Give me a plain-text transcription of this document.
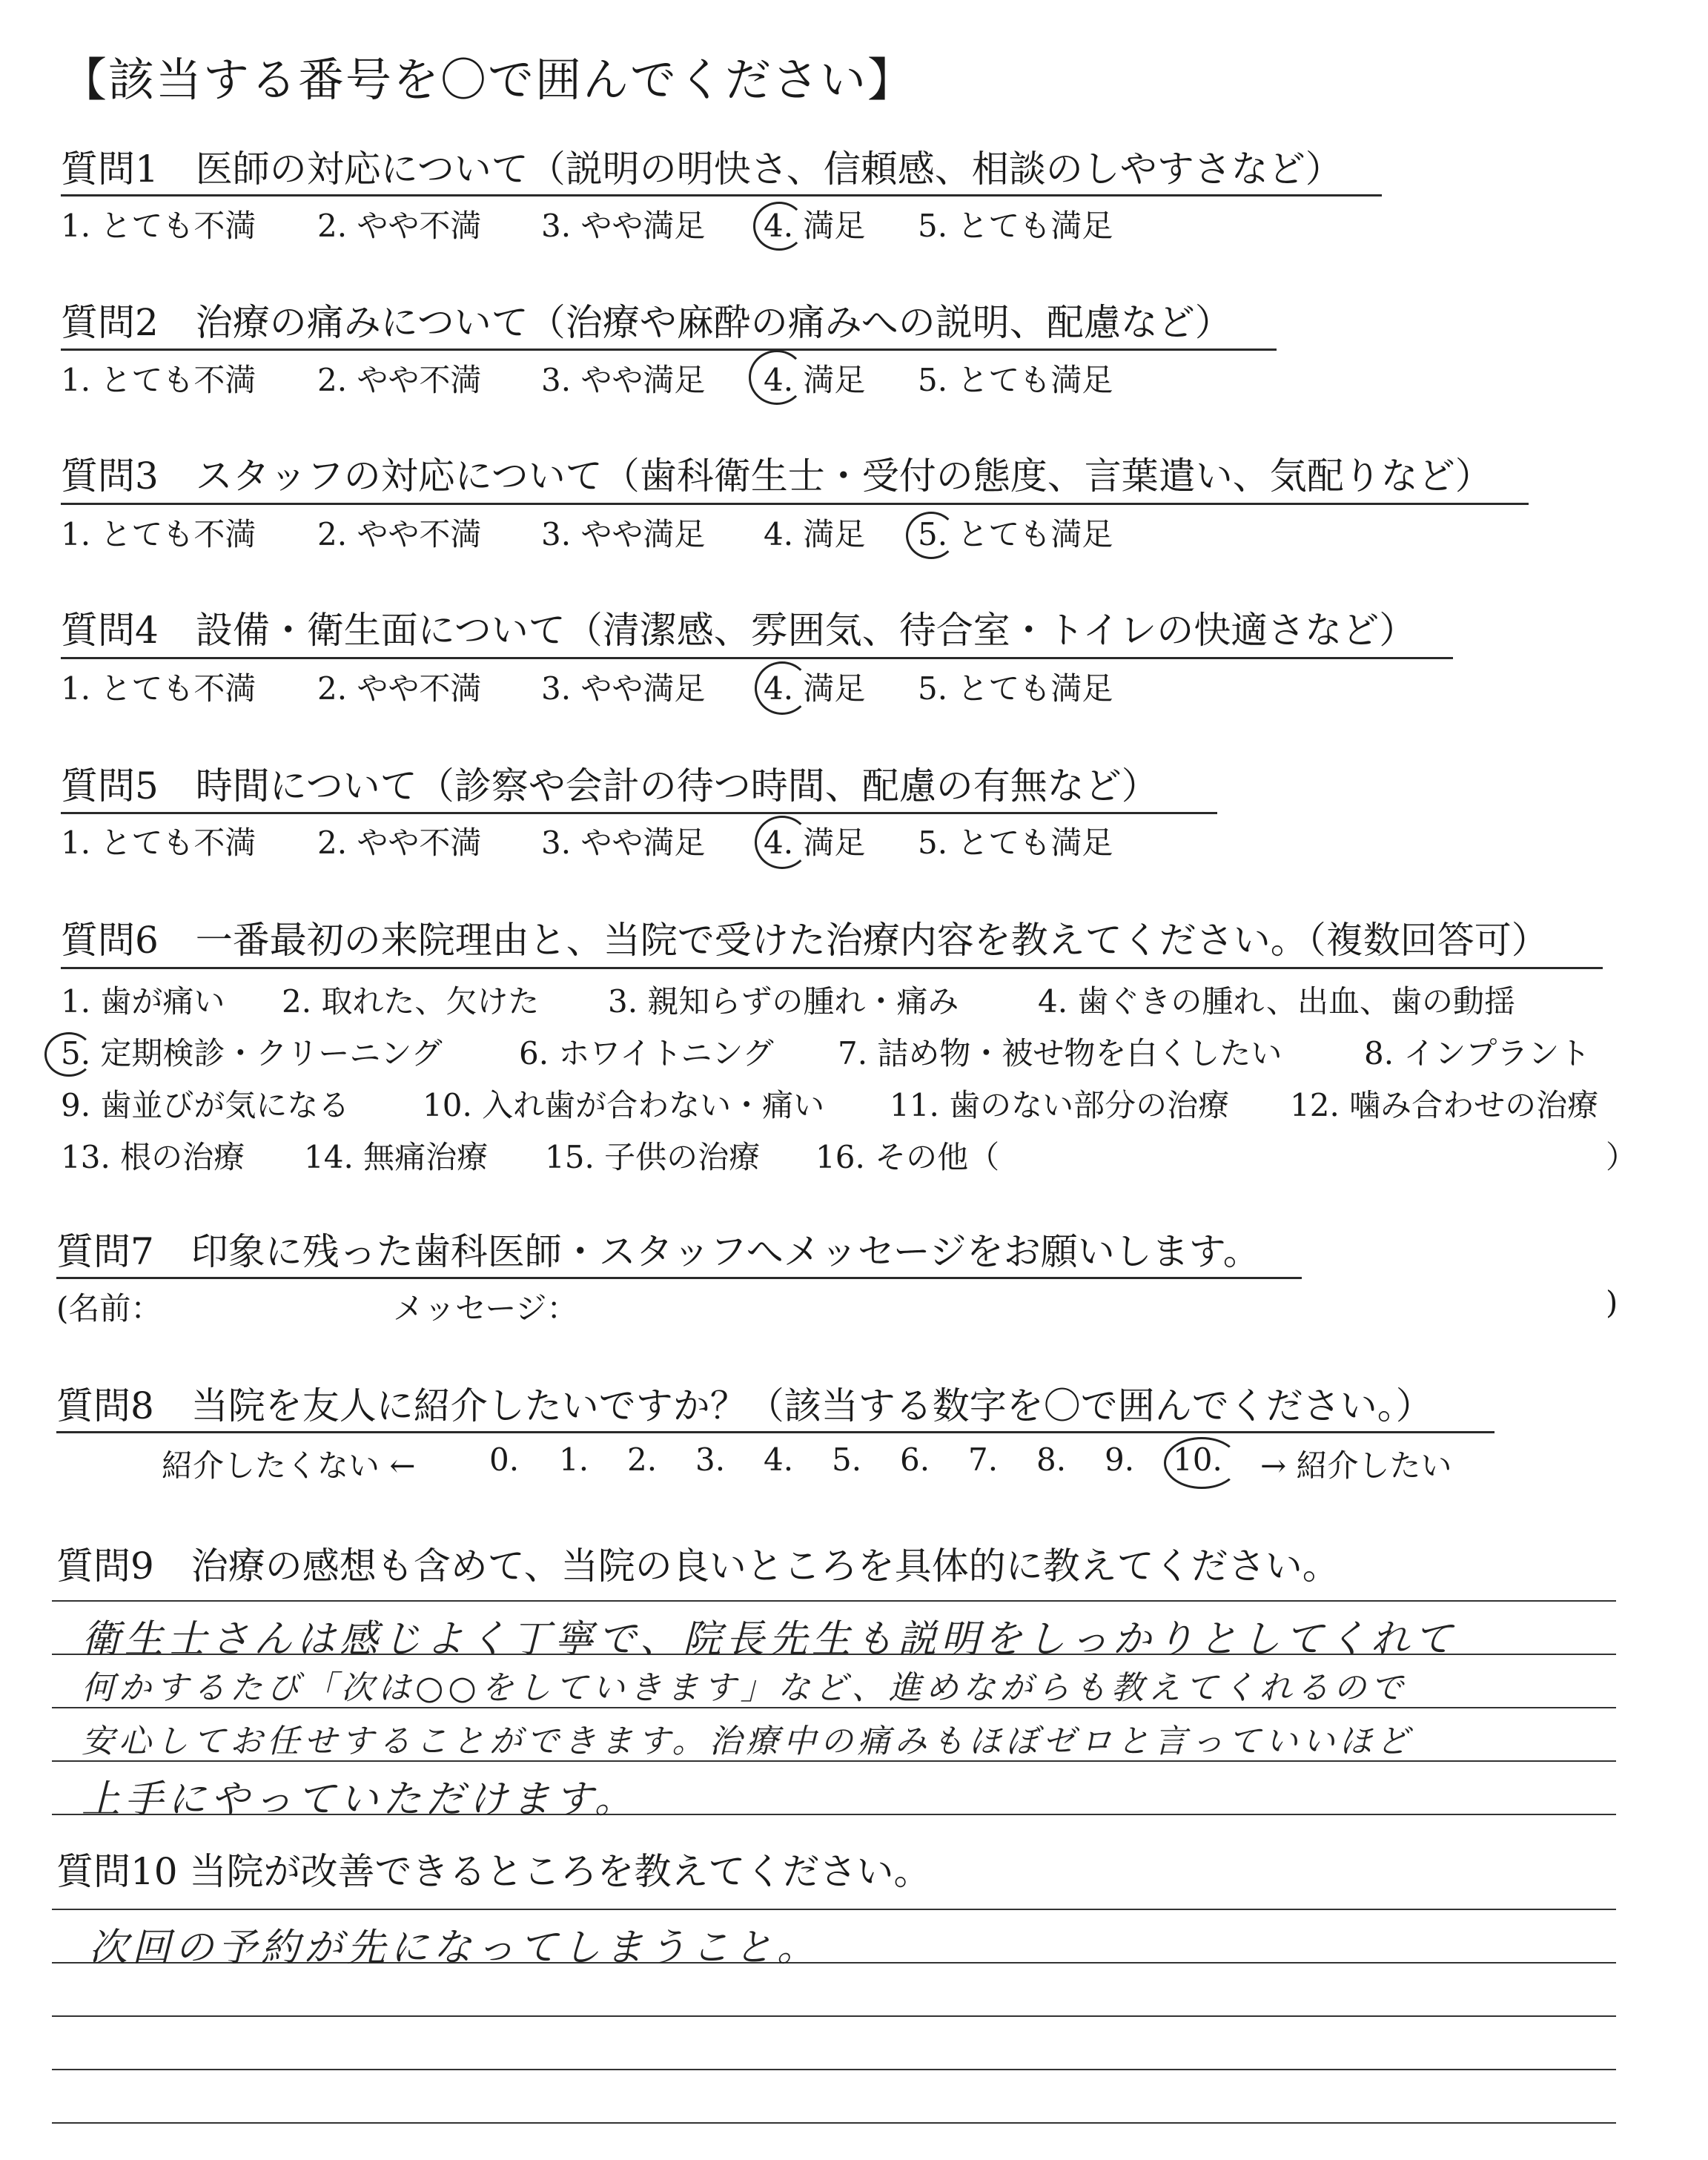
【該当する番号を〇で囲んでください】
質問1　医師の対応について（説明の明快さ、信頼感、相談のしやすさなど）
1. とても不満 2. やや不満 3. やや満足 4. 満足 5. とても満足
質問2　治療の痛みについて（治療や麻酔の痛みへの説明、配慮など）
1. とても不満 2. やや不満 3. やや満足 4. 満足 5. とても満足
質問3　スタッフの対応について（歯科衛生士・受付の態度、言葉遣い、気配りなど）
1. とても不満 2. やや不満 3. やや満足 4. 満足 5. とても満足
質問4　設備・衛生面について（清潔感、雰囲気、待合室・トイレの快適さなど）
1. とても不満 2. やや不満 3. やや満足 4. 満足 5. とても満足
質問5　時間について（診察や会計の待つ時間、配慮の有無など）
1. とても不満 2. やや不満 3. やや満足 4. 満足 5. とても満足
質問6　一番最初の来院理由と、当院で受けた治療内容を教えてください。（複数回答可）
1. 歯が痛い 2. 取れた、欠けた 3. 親知らずの腫れ・痛み	4. 歯ぐきの腫れ、出血、歯の動揺
5. 定期検診・クリーニング 6. ホワイトニング 7. 詰め物・被せ物を白くしたい	8. インプラント
9. 歯並びが気になる 10. 入れ歯が合わない・痛い 11. 歯のない部分の治療 12. 噛み合わせの治療
13. 根の治療 14. 無痛治療 15. 子供の治療 16. その他（	）
質問7　印象に残った歯科医師・スタッフへメッセージをお願いします。
(名前：	メッセージ：	)
質問8　当院を友人に紹介したいですか？（該当する数字を〇で囲んでください。）
紹介したくない ← 0. 1. 2. 3. 4. 5. 6. 7. 8. 9. 10. → 紹介したい
質問9　治療の感想も含めて、当院の良いところを具体的に教えてください。
衛生士さんは感じよく丁寧で、院長先生も説明をしっかりとしてくれて
何かするたび「次は○○をしていきます」など、進めながらも教えてくれるので
安心してお任せすることができます。治療中の痛みもほぼゼロと言っていいほど
上手にやっていただけます。
質問10 当院が改善できるところを教えてください。
次回の予約が先になってしまうこと。
